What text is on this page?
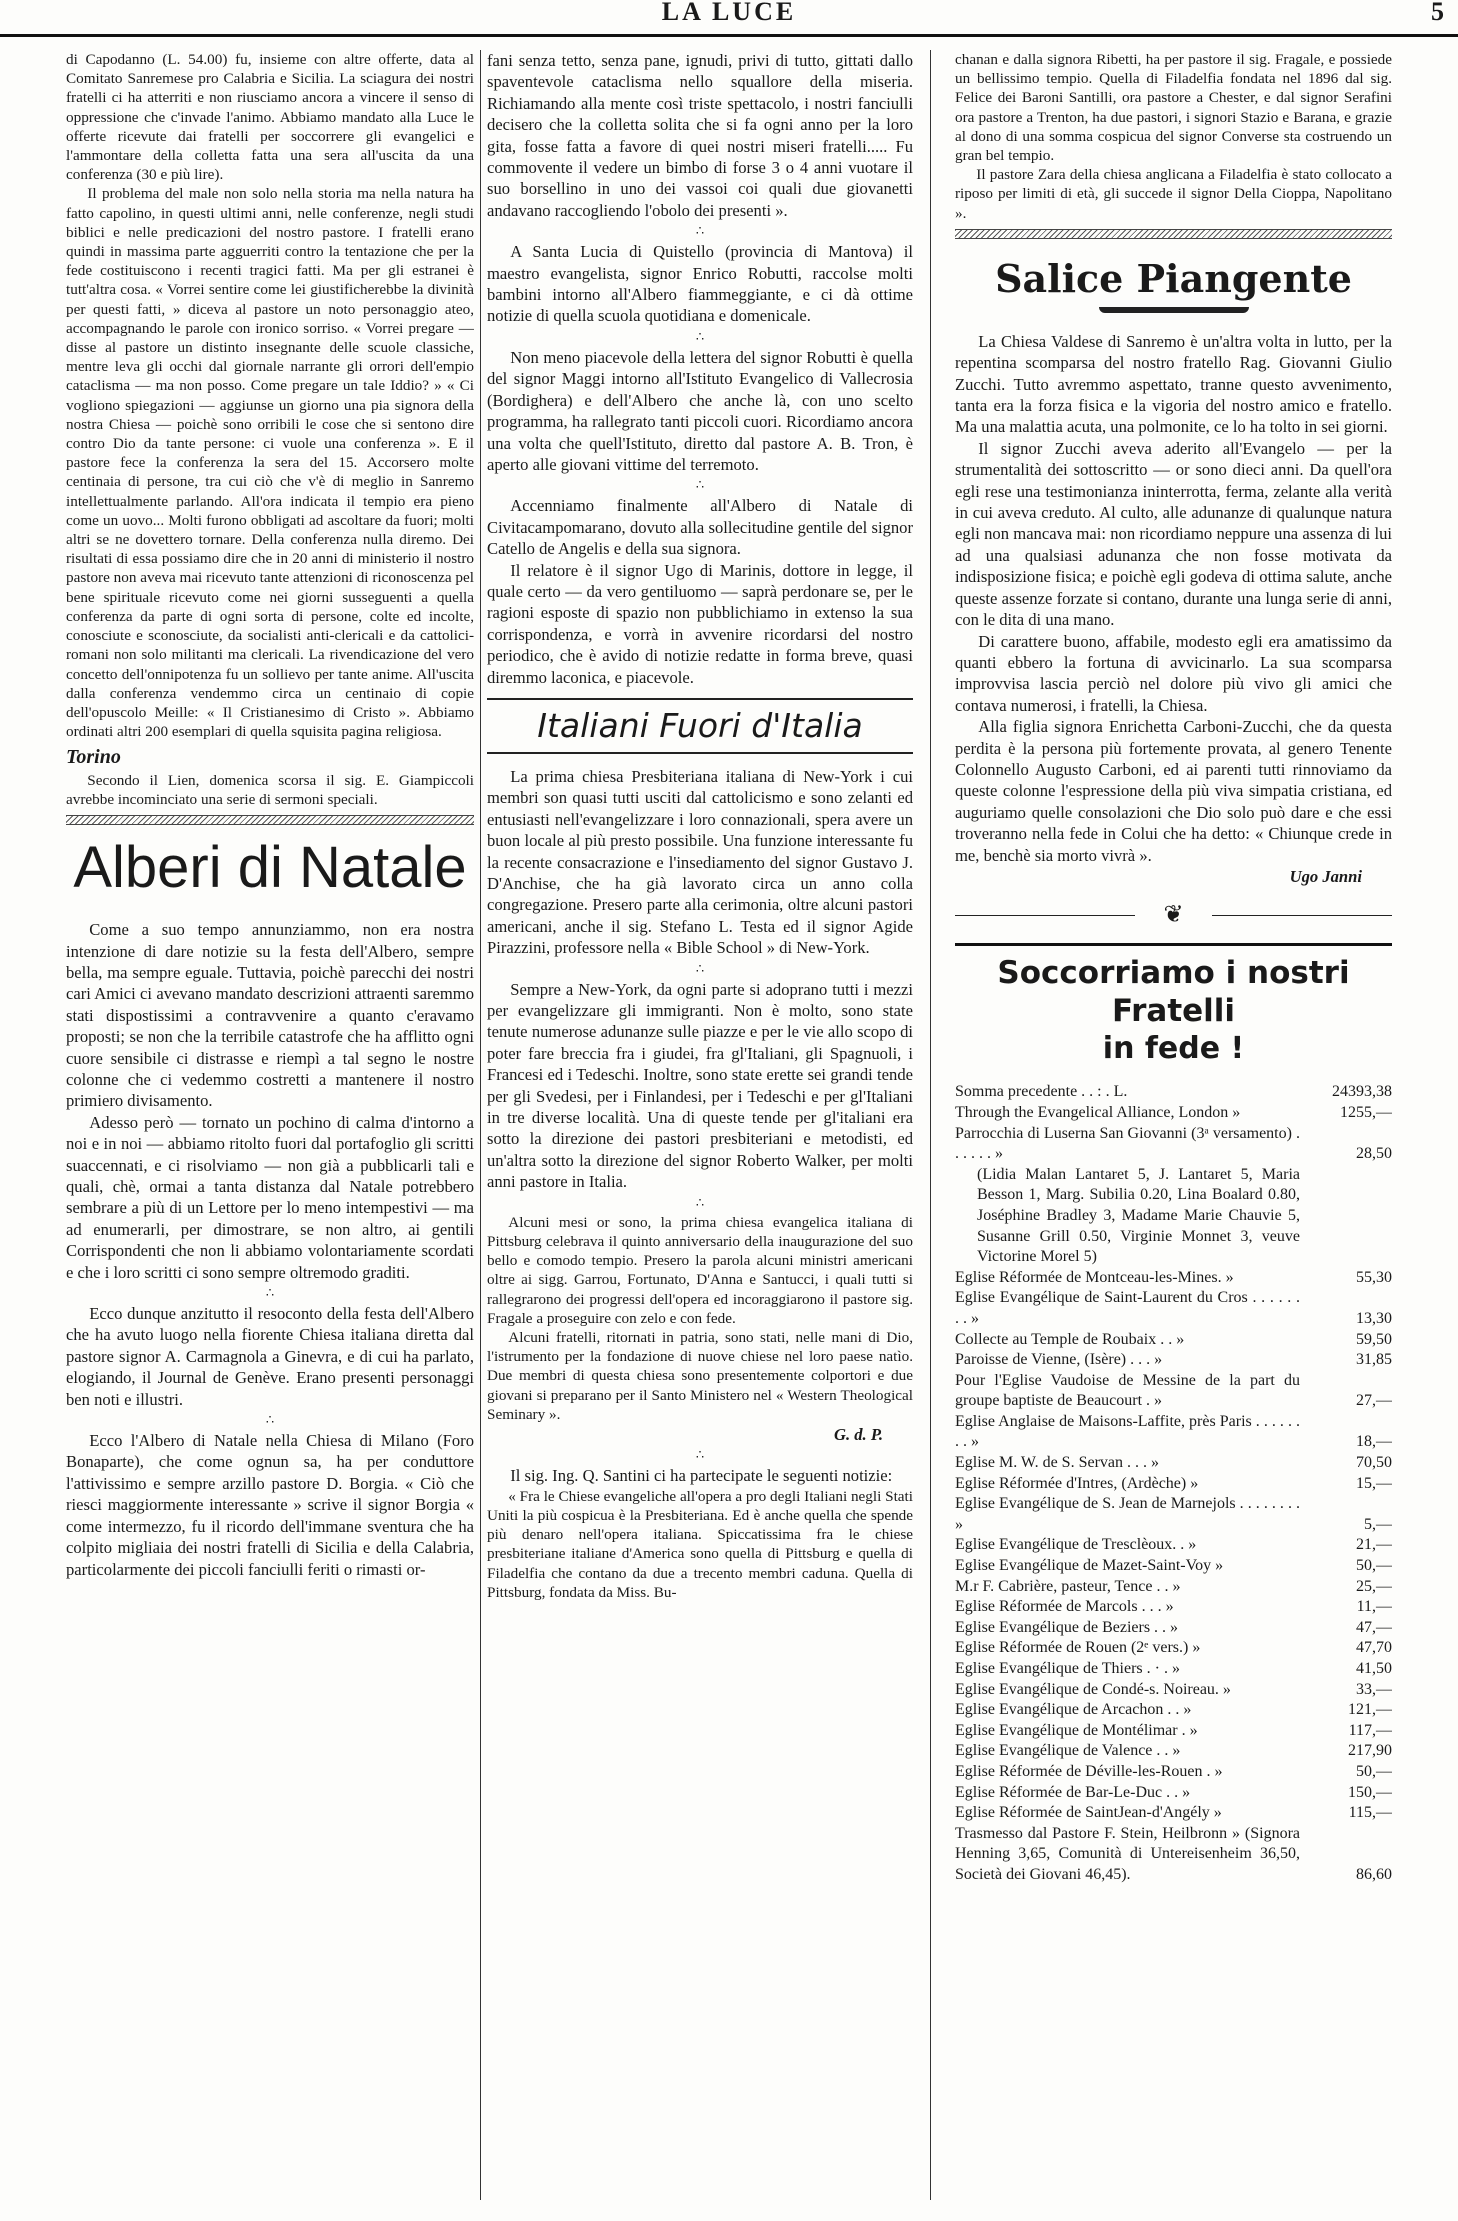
LA LUCE	5

di Capodanno (L. 54.00) fu, insieme con altre offerte, data al Comitato Sanremese pro Calabria e Sicilia. La sciagura dei nostri fratelli ci ha atterriti e non riusciamo ancora a vincere il senso di oppressione che c'invade l'animo. Abbiamo mandato alla Luce le offerte ricevute dai fratelli per soccorrere gli evangelici e l'ammontare della colletta fatta una sera all'uscita da una conferenza (30 e più lire).

Il problema del male non solo nella storia ma nella natura ha fatto capolino, in questi ultimi anni, nelle conferenze, negli studi biblici e nelle predicazioni del nostro pastore. I fratelli erano quindi in massima parte agguerriti contro la tentazione che per la fede costituiscono i recenti tragici fatti. Ma per gli estranei è tutt'altra cosa. « Vorrei sentire come lei giustificherebbe la divinità per questi fatti, » diceva al pastore un noto personaggio ateo, accompagnando le parole con ironico sorriso. « Vorrei pregare — disse al pastore un distinto insegnante delle scuole classiche, mentre leva gli occhi dal giornale narrante gli orrori dell'empio cataclisma — ma non posso. Come pregare un tale Iddio? » « Ci vogliono spiegazioni — aggiunse un giorno una pia signora della nostra Chiesa — poichè sono orribili le cose che si sentono dire contro Dio da tante persone: ci vuole una conferenza ». E il pastore fece la conferenza la sera del 15. Accorsero molte centinaia di persone, tra cui ciò che v'è di meglio in Sanremo intellettualmente parlando. All'ora indicata il tempio era pieno come un uovo... Molti furono obbligati ad ascoltare da fuori; molti altri se ne dovettero tornare. Della conferenza nulla diremo. Dei risultati di essa possiamo dire che in 20 anni di ministerio il nostro pastore non aveva mai ricevuto tante attenzioni di riconoscenza pel bene spirituale ricevuto come nei giorni susseguenti a quella conferenza da parte di ogni sorta di persone, colte ed incolte, conosciute e sconosciute, da socialisti anti-clericali e da cattolici-romani non solo militanti ma clericali. La rivendicazione del vero concetto dell'onnipotenza fu un sollievo per tante anime. All'uscita dalla conferenza vendemmo circa un centinaio di copie dell'opuscolo Meille: « Il Cristianesimo di Cristo ». Abbiamo ordinati altri 200 esemplari di quella squisita pagina religiosa.

Torino

Secondo il Lien, domenica scorsa il sig. E. Giampiccoli avrebbe incominciato una serie di sermoni speciali.

Alberi di Natale

Come a suo tempo annunziammo, non era nostra intenzione di dare notizie su la festa dell'Albero, sempre bella, ma sempre eguale. Tuttavia, poichè parecchi dei nostri cari Amici ci avevano mandato descrizioni attraenti saremmo stati dispostissimi a contravvenire a quanto c'eravamo proposti; se non che la terribile catastrofe che ha afflitto ogni cuore sensibile ci distrasse e riempì a tal segno le nostre colonne che ci vedemmo costretti a mantenere il nostro primiero divisamento.

Adesso però — tornato un pochino di calma d'intorno a noi e in noi — abbiamo ritolto fuori dal portafoglio gli scritti suaccennati, e ci risolviamo — non già a pubblicarli tali e quali, chè, ormai a tanta distanza dal Natale potrebbero sembrare a più di un Lettore per lo meno intempestivi — ma ad enumerarli, per dimostrare, se non altro, ai gentili Corrispondenti che non li abbiamo volontariamente scordati e che i loro scritti ci sono sempre oltremodo graditi.

∴

Ecco dunque anzitutto il resoconto della festa dell'Albero che ha avuto luogo nella fiorente Chiesa italiana diretta dal pastore signor A. Carmagnola a Ginevra, e di cui ha parlato, elogiando, il Journal de Genève. Erano presenti personaggi ben noti e illustri.

∴

Ecco l'Albero di Natale nella Chiesa di Milano (Foro Bonaparte), che come ognun sa, ha per conduttore l'attivissimo e sempre arzillo pastore D. Borgia. « Ciò che riesci maggiormente interessante » scrive il signor Borgia « come intermezzo, fu il ricordo dell'immane sventura che ha colpito migliaia dei nostri fratelli di Sicilia e della Calabria, particolarmente dei piccoli fanciulli feriti o rimasti or-

fani senza tetto, senza pane, ignudi, privi di tutto, gittati dallo spaventevole cataclisma nello squallore della miseria. Richiamando alla mente così triste spettacolo, i nostri fanciulli decisero che la colletta solita che si fa ogni anno per la loro gita, fosse fatta a favore di quei nostri miseri fratelli..... Fu commovente il vedere un bimbo di forse 3 o 4 anni vuotare il suo borsellino in uno dei vassoi coi quali due giovanetti andavano raccogliendo l'obolo dei presenti ».

∴

A Santa Lucia di Quistello (provincia di Mantova) il maestro evangelista, signor Enrico Robutti, raccolse molti bambini intorno all'Albero fiammeggiante, e ci dà ottime notizie di quella scuola quotidiana e domenicale.

∴

Non meno piacevole della lettera del signor Robutti è quella del signor Maggi intorno all'Istituto Evangelico di Vallecrosia (Bordighera) e dell'Albero che anche là, con uno scelto programma, ha rallegrato tanti piccoli cuori. Ricordiamo ancora una volta che quell'Istituto, diretto dal pastore A. B. Tron, è aperto alle giovani vittime del terremoto.

∴

Accenniamo finalmente all'Albero di Natale di Civitacampomarano, dovuto alla sollecitudine gentile del signor Catello de Angelis e della sua signora.

Il relatore è il signor Ugo di Marinis, dottore in legge, il quale certo — da vero gentiluomo — saprà perdonare se, per le ragioni esposte di spazio non pubblichiamo in extenso la sua corrispondenza, e vorrà in avvenire ricordarsi del nostro periodico, che è avido di notizie redatte in forma breve, quasi diremmo laconica, e piacevole.

Italiani Fuori d'Italia

La prima chiesa Presbiteriana italiana di New-York i cui membri son quasi tutti usciti dal cattolicismo e sono zelanti ed entusiasti nell'evangelizzare i loro connazionali, spera avere un buon locale al più presto possibile. Una funzione interessante fu la recente consacrazione e l'insediamento del signor Gustavo J. D'Anchise, che ha già lavorato circa un anno colla congregazione. Presero parte alla cerimonia, oltre alcuni pastori americani, anche il sig. Stefano L. Testa ed il signor Agide Pirazzini, professore nella « Bible School » di New-York.

∴

Sempre a New-York, da ogni parte si adoprano tutti i mezzi per evangelizzare gli immigranti. Non è molto, sono state tenute numerose adunanze sulle piazze e per le vie allo scopo di poter fare breccia fra i giudei, fra gl'Italiani, gli Spagnuoli, i Francesi ed i Tedeschi. Inoltre, sono state erette sei grandi tende per gli Svedesi, per i Finlandesi, per i Tedeschi e per gl'Italiani in tre diverse località. Una di queste tende per gl'italiani era sotto la direzione dei pastori presbiteriani e metodisti, ed un'altra sotto la direzione del signor Roberto Walker, per molti anni pastore in Italia.

∴

Alcuni mesi or sono, la prima chiesa evangelica italiana di Pittsburg celebrava il quinto anniversario della inaugurazione del suo bello e comodo tempio. Presero la parola alcuni ministri americani oltre ai sigg. Garrou, Fortunato, D'Anna e Santucci, i quali tutti si rallegrarono dei progressi dell'opera ed incoraggiarono il pastore sig. Fragale a proseguire con zelo e con fede.

Alcuni fratelli, ritornati in patria, sono stati, nelle mani di Dio, l'istrumento per la fondazione di nuove chiese nel loro paese natìo. Due membri di questa chiesa sono presentemente colportori e due giovani si preparano per il Santo Ministero nel « Western Theological Seminary ».

G. d. P.
∴

Il sig. Ing. Q. Santini ci ha partecipate le seguenti notizie:

« Fra le Chiese evangeliche all'opera a pro degli Italiani negli Stati Uniti la più cospicua è la Presbiteriana. Ed è anche quella che spende più denaro nell'opera italiana. Spiccatissima fra le chiese presbiteriane italiane d'America sono quella di Pittsburg e quella di Filadelfia che contano da due a trecento membri caduna. Quella di Pittsburg, fondata da Miss. Bu-

chanan e dalla signora Ribetti, ha per pastore il sig. Fragale, e possiede un bellissimo tempio. Quella di Filadelfia fondata nel 1896 dal sig. Felice dei Baroni Santilli, ora pastore a Chester, e dal signor Serafini ora pastore a Trenton, ha due pastori, i signori Stazio e Barana, e grazie al dono di una somma cospicua del signor Converse sta costruendo un gran bel tempio.

Il pastore Zara della chiesa anglicana a Filadelfia è stato collocato a riposo per limiti di età, gli succede il signor Della Cioppa, Napolitano ».

Salice Piangente

La Chiesa Valdese di Sanremo è un'altra volta in lutto, per la repentina scomparsa del nostro fratello Rag. Giovanni Giulio Zucchi. Tutto avremmo aspettato, tranne questo avvenimento, tanta era la forza fisica e la vigoria del nostro amico e fratello. Ma una malattia acuta, una polmonite, ce lo ha tolto in sei giorni.

Il signor Zucchi aveva aderito all'Evangelo — per la strumentalità dei sottoscritto — or sono dieci anni. Da quell'ora egli rese una testimonianza ininterrotta, ferma, zelante alla verità in cui aveva creduto. Al culto, alle adunanze di qualunque natura egli non mancava mai: non ricordiamo neppure una assenza di lui ad una qualsiasi adunanza che non fosse motivata da indisposizione fisica; e poichè egli godeva di ottima salute, anche queste assenze forzate si contano, durante una lunga serie di anni, con le dita di una mano.

Di carattere buono, affabile, modesto egli era amatissimo da quanti ebbero la fortuna di avvicinarlo. La sua scomparsa improvvisa lascia perciò nel dolore più vivo gli amici che contava numerosi, i fratelli, la Chiesa.

Alla figlia signora Enrichetta Carboni-Zucchi, che da questa perdita è la persona più fortemente provata, al genero Tenente Colonnello Augusto Carboni, ed ai parenti tutti rinnoviamo da queste colonne l'espressione della più viva simpatia cristiana, ed auguriamo quelle consolazioni che Dio solo può dare e che essi troveranno nella fede in Colui che ha detto: « Chiunque crede in me, benchè sia morto vivrà ».

Ugo Janni
❦
Soccorriamo i nostri Fratelli
in fede !
Somma precedente . . : . L.	24393,38
Through the Evangelical Alliance, London »	1255,—
Parrocchia di Luserna San Giovanni (3ᵃ versamento) . . . . . . »	28,50
(Lidia Malan Lantaret 5, J. Lantaret 5, Maria Besson 1, Marg. Subilia 0.20, Lina Boalard 0.80, Joséphine Bradley 3, Madame Marie Chauvie 5, Susanne Grill 0.50, Virginie Monnet 3, veuve Victorine Morel 5)
Eglise Réformée de Montceau-les-Mines. »	55,30
Eglise Evangélique de Saint-Laurent du Cros . . . . . . . . »	13,30
Collecte au Temple de Roubaix . . »	59,50
Paroisse de Vienne, (Isère) . . . »	31,85
Pour l'Eglise Vaudoise de Messine de la part du groupe baptiste de Beaucourt . »	27,—
Eglise Anglaise de Maisons-Laffite, près Paris . . . . . . . . »	18,—
Eglise M. W. de S. Servan . . . »	70,50
Eglise Réformée d'Intres, (Ardèche) »	15,—
Eglise Evangélique de S. Jean de Marnejols . . . . . . . . »	5,—
Eglise Evangélique de Tresclèoux. . »	21,—
Eglise Evangélique de Mazet-Saint-Voy »	50,—
M.r F. Cabrière, pasteur, Tence . . »	25,—
Eglise Réformée de Marcols . . . »	11,—
Eglise Evangélique de Beziers . . »	47,—
Eglise Réformée de Rouen (2ᵉ vers.) »	47,70
Eglise Evangélique de Thiers . · . »	41,50
Eglise Evangélique de Condé-s. Noireau. »	33,—
Eglise Evangélique de Arcachon . . »	121,—
Eglise Evangélique de Montélimar . »	117,—
Eglise Evangélique de Valence . . »	217,90
Eglise Réformée de Déville-les-Rouen . »	50,—
Eglise Réformée de Bar-Le-Duc . . »	150,—
Eglise Réformée de SaintJean-d'Angély »	115,—
Trasmesso dal Pastore F. Stein, Heilbronn » (Signora Henning 3,65, Comunità di Untereisenheim 36,50, Società dei Giovani 46,45).	86,60
